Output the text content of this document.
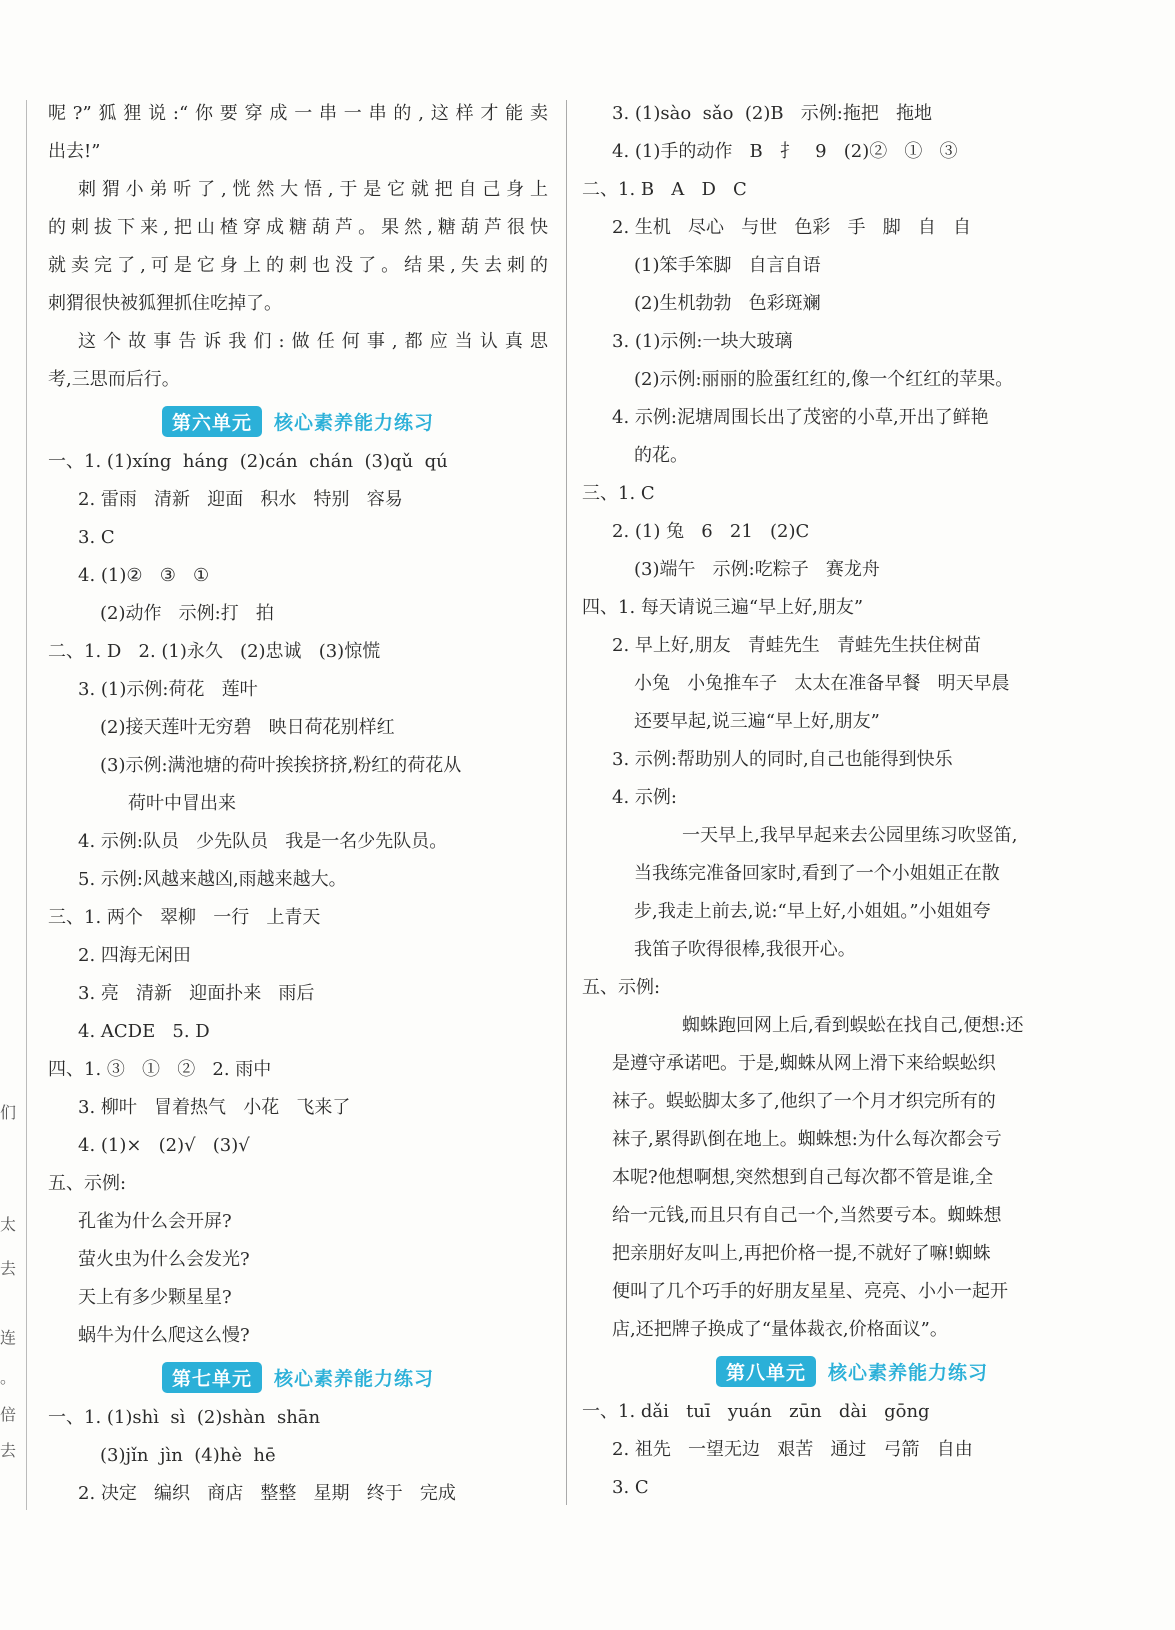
们
太
去
连
。
倍
去
呢?”狐狸说:“你要穿成一串一串的,这样才能卖
出去!”
刺猬小弟听了,恍然大悟,于是它就把自己身上
的刺拔下来,把山楂穿成糖葫芦。果然,糖葫芦很快
就卖完了,可是它身上的刺也没了。结果,失去刺的
刺猬很快被狐狸抓住吃掉了。
这个故事告诉我们:做任何事,都应当认真思
考,三思而后行。
第六单元	核心素养能力练习
一、1. (1)xíng  háng  (2)cán  chán  (3)qǔ  qú
2. 雷雨   清新   迎面   积水   特别   容易
3. C
4. (1)②   ③   ①
(2)动作   示例:打   拍
二、1. D   2. (1)永久   (2)忠诚   (3)惊慌
3. (1)示例:荷花   莲叶
(2)接天莲叶无穷碧   映日荷花别样红
(3)示例:满池塘的荷叶挨挨挤挤,粉红的荷花从
荷叶中冒出来
4. 示例:队员   少先队员   我是一名少先队员。
5. 示例:风越来越凶,雨越来越大。
三、1. 两个   翠柳   一行   上青天
2. 四海无闲田
3. 亮   清新   迎面扑来   雨后
4. ACDE   5. D
四、1. ③   ①   ②   2. 雨中
3. 柳叶   冒着热气   小花   飞来了
4. (1)×   (2)√   (3)√
五、示例:
孔雀为什么会开屏?
萤火虫为什么会发光?
天上有多少颗星星?
蜗牛为什么爬这么慢?
第七单元	核心素养能力练习
一、1. (1)shì  sì  (2)shàn  shān
(3)jǐn  jìn  (4)hè  hē
2. 决定   编织   商店   整整   星期   终于   完成
3. (1)sào  sǎo  (2)B   示例:拖把   拖地
4. (1)手的动作   B   扌   9   (2)②   ①   ③
二、1. B   A   D   C
2. 生机   尽心   与世   色彩   手   脚   自   自
(1)笨手笨脚   自言自语
(2)生机勃勃   色彩斑斓
3. (1)示例:一块大玻璃
(2)示例:丽丽的脸蛋红红的,像一个红红的苹果。
4. 示例:泥塘周围长出了茂密的小草,开出了鲜艳
的花。
三、1. C
2. (1) 兔   6   21   (2)C
(3)端午   示例:吃粽子   赛龙舟
四、1. 每天请说三遍“早上好,朋友”
2. 早上好,朋友   青蛙先生   青蛙先生扶住树苗
小兔   小兔推车子   太太在准备早餐   明天早晨
还要早起,说三遍“早上好,朋友”
3. 示例:帮助别人的同时,自己也能得到快乐
4. 示例:
一天早上,我早早起来去公园里练习吹竖笛,
当我练完准备回家时,看到了一个小姐姐正在散
步,我走上前去,说:“早上好,小姐姐。”小姐姐夸
我笛子吹得很棒,我很开心。
五、示例:
蜘蛛跑回网上后,看到蜈蚣在找自己,便想:还
是遵守承诺吧。于是,蜘蛛从网上滑下来给蜈蚣织
袜子。蜈蚣脚太多了,他织了一个月才织完所有的
袜子,累得趴倒在地上。蜘蛛想:为什么每次都会亏
本呢?他想啊想,突然想到自己每次都不管是谁,全
给一元钱,而且只有自己一个,当然要亏本。蜘蛛想
把亲朋好友叫上,再把价格一提,不就好了嘛!蜘蛛
便叫了几个巧手的好朋友星星、亮亮、小小一起开
店,还把牌子换成了“量体裁衣,价格面议”。
第八单元	核心素养能力练习
一、1. dǎi   tuī   yuán   zūn   dài   gōng
2. 祖先   一望无边   艰苦   通过   弓箭   自由
3. C
